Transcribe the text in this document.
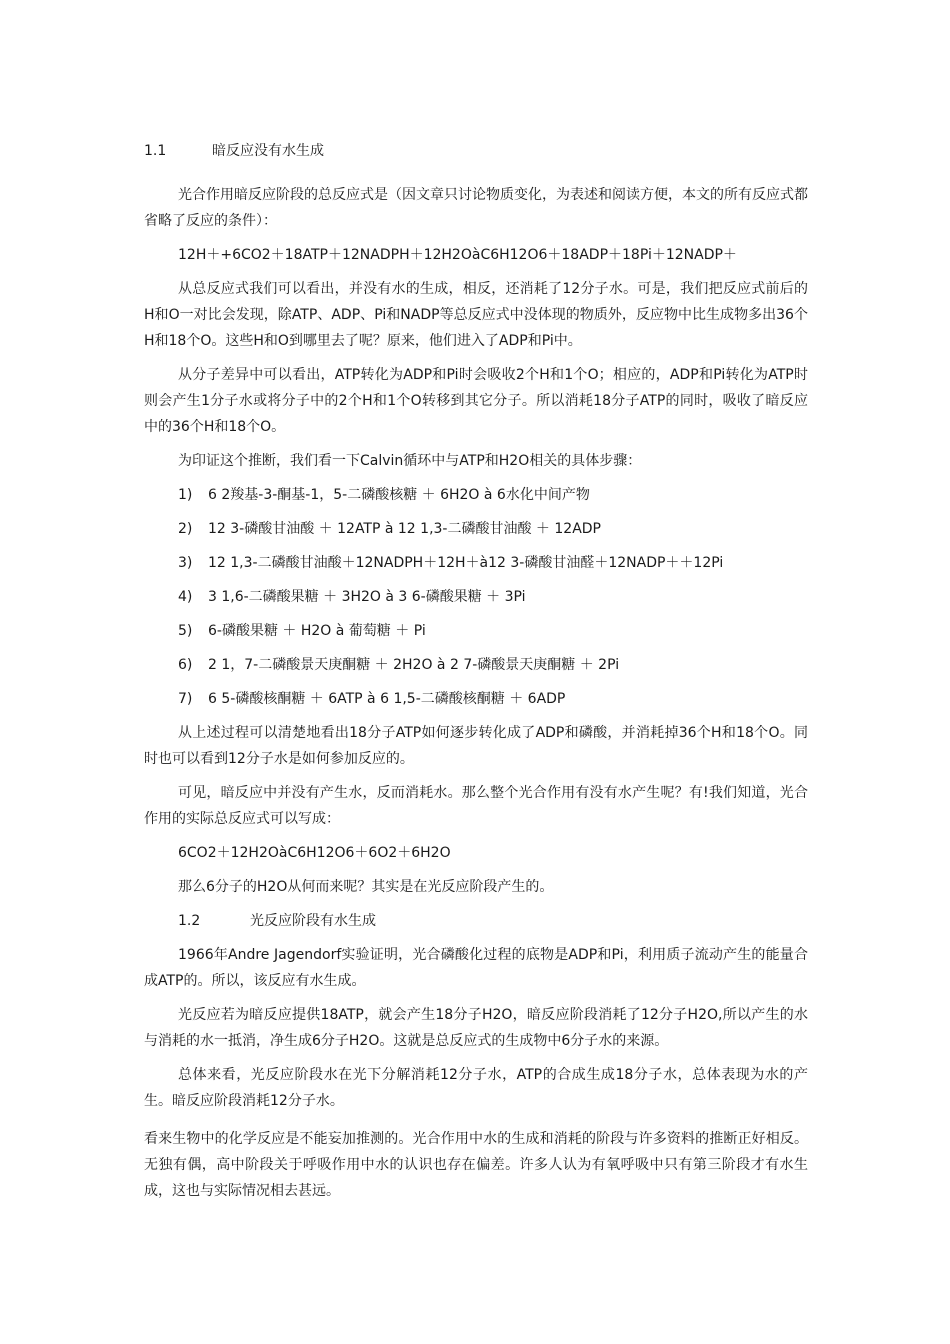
1.1	暗反应没有水生成

光合作用暗反应阶段的总反应式是（因文章只讨论物质变化，为表述和阅读方便，本文的所有反应式都省略了反应的条件）：

12H＋+6CO2＋18ATP＋12NADPH＋12H2OàC6H12O6＋18ADP＋18Pi＋12NADP＋

从总反应式我们可以看出，并没有水的生成，相反，还消耗了12分子水。可是，我们把反应式前后的H和O一对比会发现，除ATP、ADP、Pi和NADP等总反应式中没体现的物质外，反应物中比生成物多出36个H和18个O。这些H和O到哪里去了呢？原来，他们进入了ADP和Pi中。

从分子差异中可以看出，ATP转化为ADP和Pi时会吸收2个H和1个O；相应的，ADP和Pi转化为ATP时则会产生1分子水或将分子中的2个H和1个O转移到其它分子。所以消耗18分子ATP的同时，吸收了暗反应中的36个H和18个O。

为印证这个推断，我们看一下Calvin循环中与ATP和H2O相关的具体步骤：

1) 6 2羧基-3-酮基-1，5-二磷酸核糖 ＋ 6H2O à 6水化中间产物

2) 12 3-磷酸甘油酸 ＋ 12ATP à 12 1,3-二磷酸甘油酸 ＋ 12ADP

3) 12 1,3-二磷酸甘油酸＋12NADPH＋12H＋à12 3-磷酸甘油醛＋12NADP＋＋12Pi

4) 3 1,6-二磷酸果糖 ＋ 3H2O à 3 6-磷酸果糖 ＋ 3Pi

5) 6-磷酸果糖 ＋ H2O à 葡萄糖 ＋ Pi

6) 2 1，7-二磷酸景天庚酮糖 ＋ 2H2O à 2 7-磷酸景天庚酮糖 ＋ 2Pi

7) 6 5-磷酸核酮糖 ＋ 6ATP à 6 1,5-二磷酸核酮糖 ＋ 6ADP

从上述过程可以清楚地看出18分子ATP如何逐步转化成了ADP和磷酸，并消耗掉36个H和18个O。同时也可以看到12分子水是如何参加反应的。

可见，暗反应中并没有产生水，反而消耗水。那么整个光合作用有没有水产生呢？有!我们知道，光合作用的实际总反应式可以写成：

6CO2＋12H2OàC6H12O6＋6O2＋6H2O

那么6分子的H2O从何而来呢？其实是在光反应阶段产生的。

1.2	光反应阶段有水生成

1966年Andre Jagendorf实验证明，光合磷酸化过程的底物是ADP和Pi，利用质子流动产生的能量合成ATP的。所以，该反应有水生成。

光反应若为暗反应提供18ATP，就会产生18分子H2O，暗反应阶段消耗了12分子H2O,所以产生的水与消耗的水一抵消，净生成6分子H2O。这就是总反应式的生成物中6分子水的来源。

总体来看，光反应阶段水在光下分解消耗12分子水，ATP的合成生成18分子水，总体表现为水的产生。暗反应阶段消耗12分子水。

看来生物中的化学反应是不能妄加推测的。光合作用中水的生成和消耗的阶段与许多资料的推断正好相反。无独有偶，高中阶段关于呼吸作用中水的认识也存在偏差。许多人认为有氧呼吸中只有第三阶段才有水生成，这也与实际情况相去甚远。
